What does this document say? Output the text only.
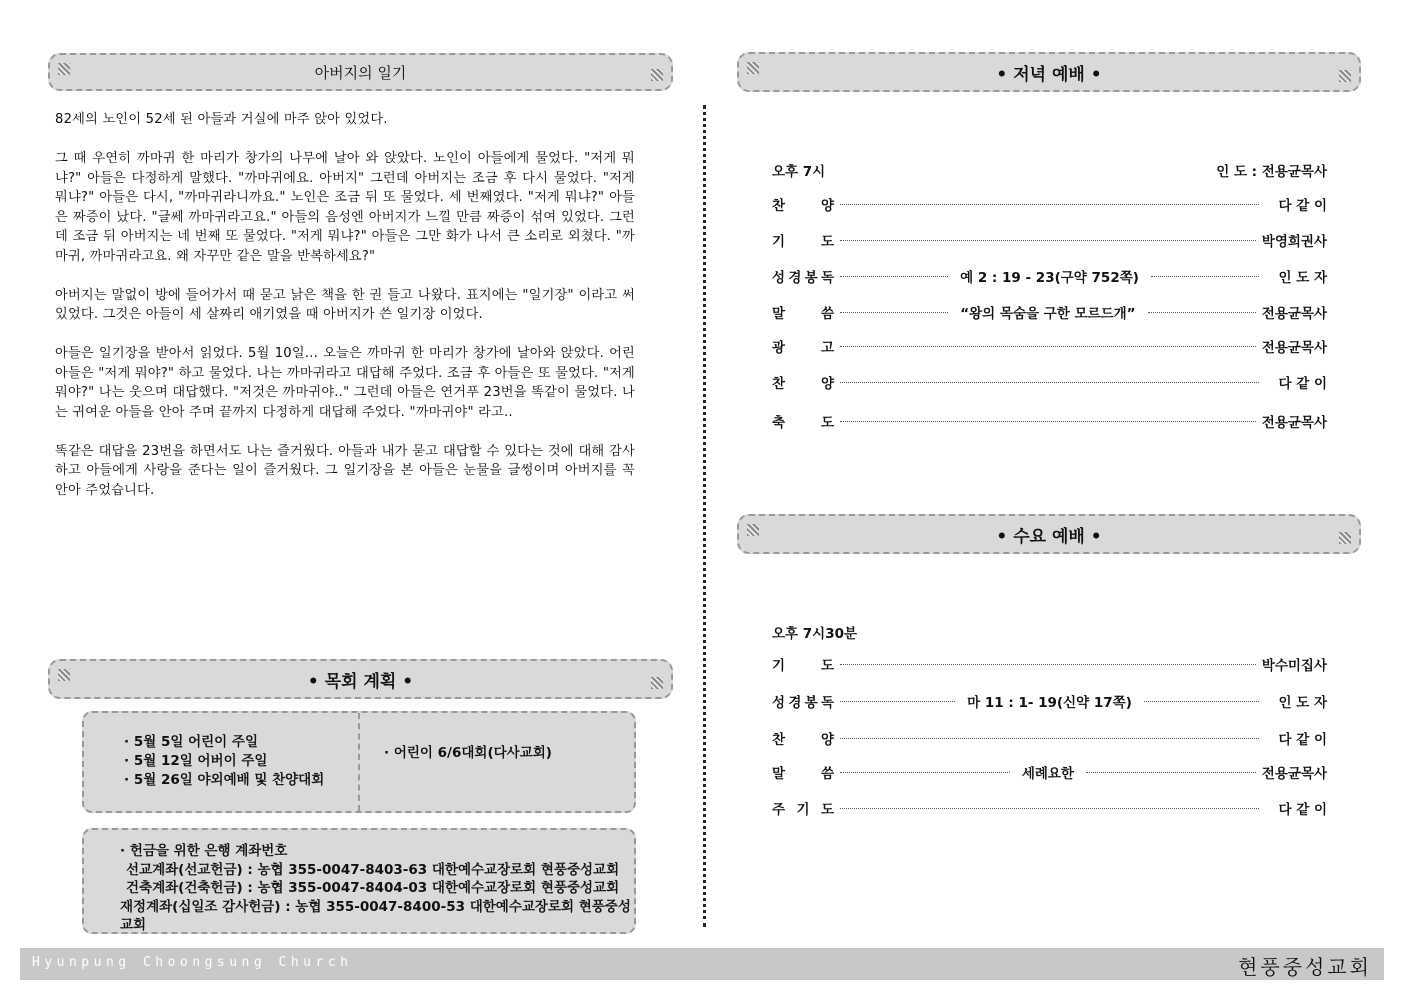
아버지의 일기

82세의 노인이 52세 된 아들과 거실에 마주 앉아 있었다.

그 때 우연히 까마귀 한 마리가 창가의 나무에 날아 와 앉았다. 노인이 아들에게 물었다. "저게 뭐냐?" 아들은 다정하게 말했다. "까마귀에요. 아버지" 그런데 아버지는 조금 후 다시 물었다. "저게 뭐냐?" 아들은 다시, "까마귀라니까요." 노인은 조금 뒤 또 물었다. 세 번째였다. "저게 뭐냐?" 아들은 짜증이 났다. "글쎄 까마귀라고요." 아들의 음성엔 아버지가 느낄 만큼 짜증이 섞여 있었다. 그런데 조금 뒤 아버지는 네 번째 또 물었다. "저게 뭐냐?" 아들은 그만 화가 나서 큰 소리로 외쳤다. "까마귀, 까마귀라고요. 왜 자꾸만 같은 말을 반복하세요?"

아버지는 말없이 방에 들어가서 때 묻고 낡은 책을 한 권 들고 나왔다. 표지에는 "일기장" 이라고 써있었다. 그것은 아들이 세 살짜리 애기였을 때 아버지가 쓴 일기장 이었다.

아들은 일기장을 받아서 읽었다. 5월 10일... 오늘은 까마귀 한 마리가 창가에 날아와 앉았다. 어린 아들은 "저게 뭐야?" 하고 물었다. 나는 까마귀라고 대답해 주었다. 조금 후 아들은 또 물었다. "저게 뭐야?" 나는 웃으며 대답했다. "저것은 까마귀야.." 그런데 아들은 연거푸 23번을 똑같이 물었다. 나는 귀여운 아들을 안아 주며 끝까지 다정하게 대답해 주었다. "까마귀야" 라고..

똑같은 대답을 23번을 하면서도 나는 즐거웠다. 아들과 내가 묻고 대답할 수 있다는 것에 대해 감사하고 아들에게 사랑을 준다는 일이 즐거웠다. 그 일기장을 본 아들은 눈물을 글썽이며 아버지를 꼭 안아 주었습니다.

• 목회 계획 •
· 5월 5일 어린이 주일
· 5월 12일 어버이 주일
· 5월 26일 야외예배 및 찬양대회
· 어린이 6/6대회(다사교회)
· 헌금을 위한 은행 계좌번호
선교계좌(선교헌금) : 농협 355-0047-8403-63 대한예수교장로회 현풍중성교회
건축계좌(건축헌금) : 농협 355-0047-8404-03 대한예수교장로회 현풍중성교회
재정계좌(십일조 감사헌금) : 농협 355-0047-8400-53 대한예수교장로회 현풍중성교회
• 저녁 예배 •
오후 7시	인 도 : 전용균목사
찬	양	다 같 이
기	도	박영희권사
성 경 봉 독	예 2 : 19 - 23(구약 752쪽)	인 도 자
말	씀	“왕의 목숨을 구한 모르드개”	전용균목사
광	고	전용균목사
찬	양	다 같 이
축	도	전용균목사
• 수요 예배 •
오후 7시30분
기	도	박수미집사
성 경 봉 독	마 11 : 1- 19(신약 17쪽)	인 도 자
찬	양	다 같 이
말	씀	세례요한	전용균목사
주 기 도	다 같 이
Hyunpung Choongsung Church	현풍중성교회
